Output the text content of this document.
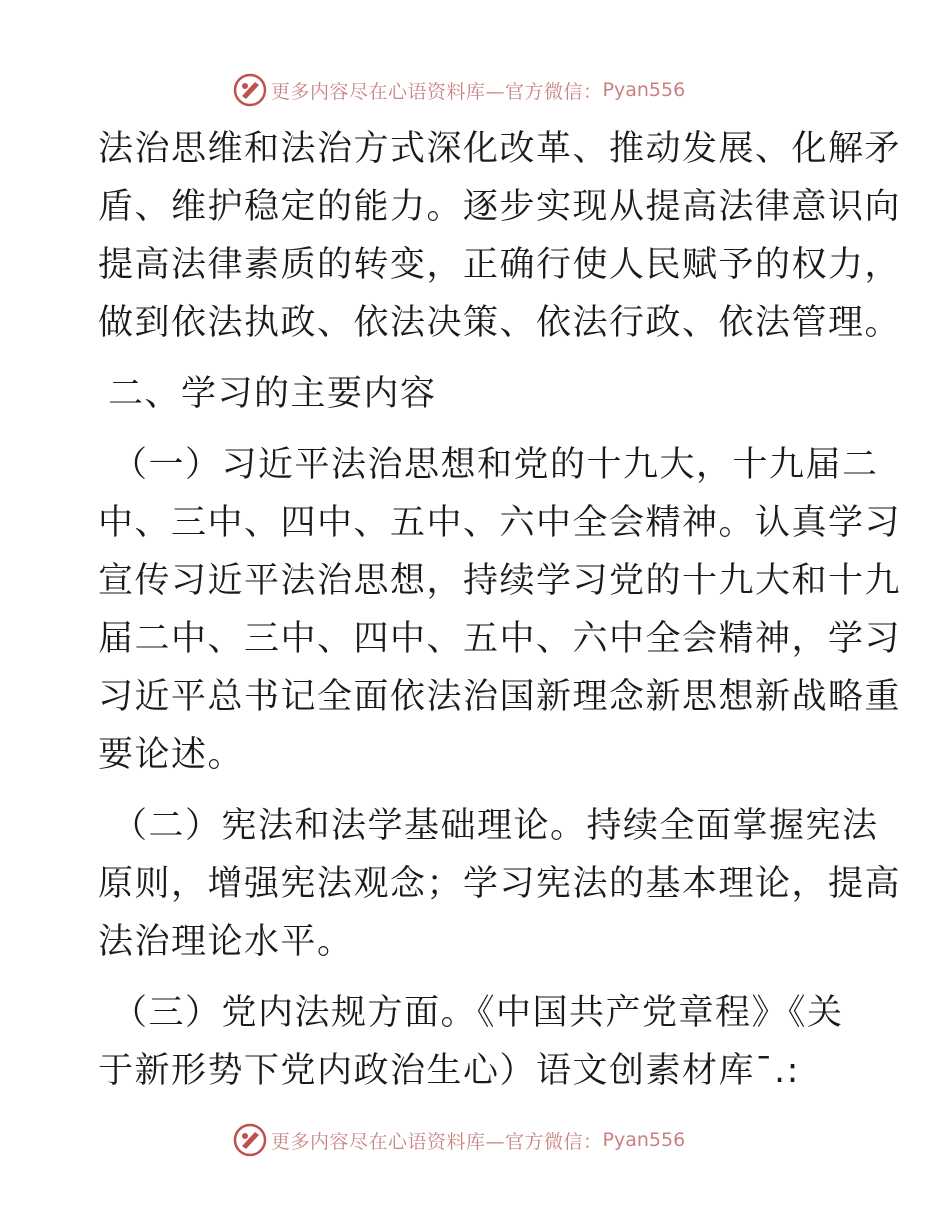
更多内容尽在心语资料库—官方微信： Pyan556
法治思维和法治方式深化改革、推动发展、化解矛
盾、维护稳定的能力。逐步实现从提高法律意识向
提高法律素质的转变，正确行使人民赋予的权力，
做到依法执政、依法决策、依法行政、依法管理。
二、学习的主要内容
（一）习近平法治思想和党的十九大，十九届二
中、三中、四中、五中、六中全会精神。认真学习
宣传习近平法治思想，持续学习党的十九大和十九
届二中、三中、四中、五中、六中全会精神，学习
习近平总书记全面依法治国新理念新思想新战略重
要论述。
（二）宪法和法学基础理论。持续全面掌握宪法
原则，增强宪法观念；学习宪法的基本理论，提高
法治理论水平。
（三）党内法规方面。《中国共产党章程》《关
于新形势下党内政治生心）语文创素材库¯.:
更多内容尽在心语资料库—官方微信： Pyan556
